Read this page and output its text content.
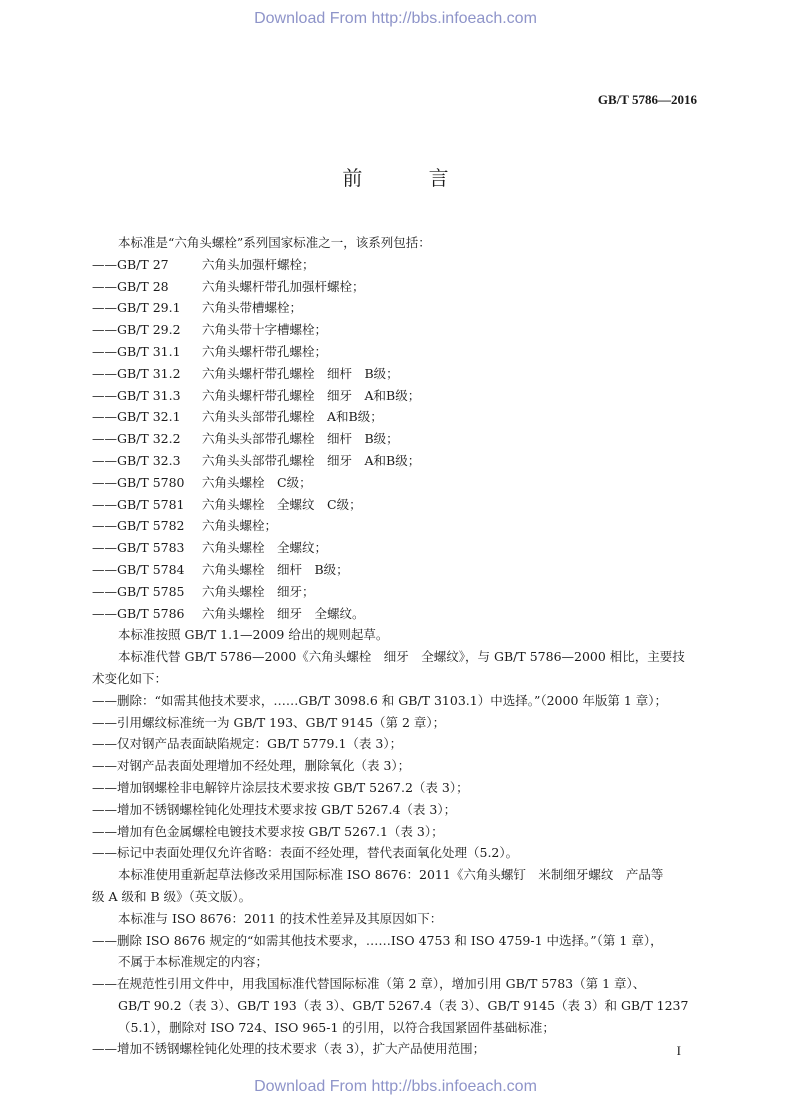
Download From http://bbs.infoeach.com
GB/T 5786—2016
前 言

本标准是“六角头螺栓”系列国家标准之一，该系列包括：

——GB/T 27	六角头加强杆螺栓；

——GB/T 28	六角头螺杆带孔加强杆螺栓；

——GB/T 29.1 六角头带槽螺栓；

——GB/T 29.2 六角头带十字槽螺栓；

——GB/T 31.1 六角头螺杆带孔螺栓；

——GB/T 31.2 六角头螺杆带孔螺栓　细杆　B级；

——GB/T 31.3 六角头螺杆带孔螺栓　细牙　A和B级；

——GB/T 32.1 六角头头部带孔螺栓　A和B级；

——GB/T 32.2 六角头头部带孔螺栓　细杆　B级；

——GB/T 32.3 六角头头部带孔螺栓　细牙　A和B级；

——GB/T 5780 六角头螺栓　C级；

——GB/T 5781 六角头螺栓　全螺纹　C级；

——GB/T 5782 六角头螺栓；

——GB/T 5783 六角头螺栓　全螺纹；

——GB/T 5784 六角头螺栓　细杆　B级；

——GB/T 5785 六角头螺栓　细牙；

——GB/T 5786 六角头螺栓　细牙　全螺纹。

本标准按照 GB/T 1.1—2009 给出的规则起草。

本标准代替 GB/T 5786—2000《六角头螺栓　细牙　全螺纹》，与 GB/T 5786—2000 相比，主要技

术变化如下：

——删除：“如需其他技术要求，……GB/T 3098.6 和 GB/T 3103.1）中选择。”（2000 年版第 1 章）；

——引用螺纹标准统一为 GB/T 193、GB/T 9145（第 2 章）；

——仅对钢产品表面缺陷规定：GB/T 5779.1（表 3）；

——对钢产品表面处理增加不经处理，删除氧化（表 3）；

——增加钢螺栓非电解锌片涂层技术要求按 GB/T 5267.2（表 3）；

——增加不锈钢螺栓钝化处理技术要求按 GB/T 5267.4（表 3）；

——增加有色金属螺栓电镀技术要求按 GB/T 5267.1（表 3）；

——标记中表面处理仅允许省略：表面不经处理，替代表面氧化处理（5.2）。

本标准使用重新起草法修改采用国际标准 ISO 8676：2011《六角头螺钉　米制细牙螺纹　产品等

级 A 级和 B 级》（英文版）。

本标准与 ISO 8676：2011 的技术性差异及其原因如下：

——删除 ISO 8676 规定的“如需其他技术要求，……ISO 4753 和 ISO 4759-1 中选择。”（第 1 章），

不属于本标准规定的内容；

——在规范性引用文件中，用我国标准代替国际标准（第 2 章），增加引用 GB/T 5783（第 1 章）、

GB/T 90.2（表 3）、GB/T 193（表 3）、GB/T 5267.4（表 3）、GB/T 9145（表 3）和 GB/T 1237

（5.1），删除对 ISO 724、ISO 965-1 的引用，以符合我国紧固件基础标准；

——增加不锈钢螺栓钝化处理的技术要求（表 3），扩大产品使用范围；	I
Download From http://bbs.infoeach.com
